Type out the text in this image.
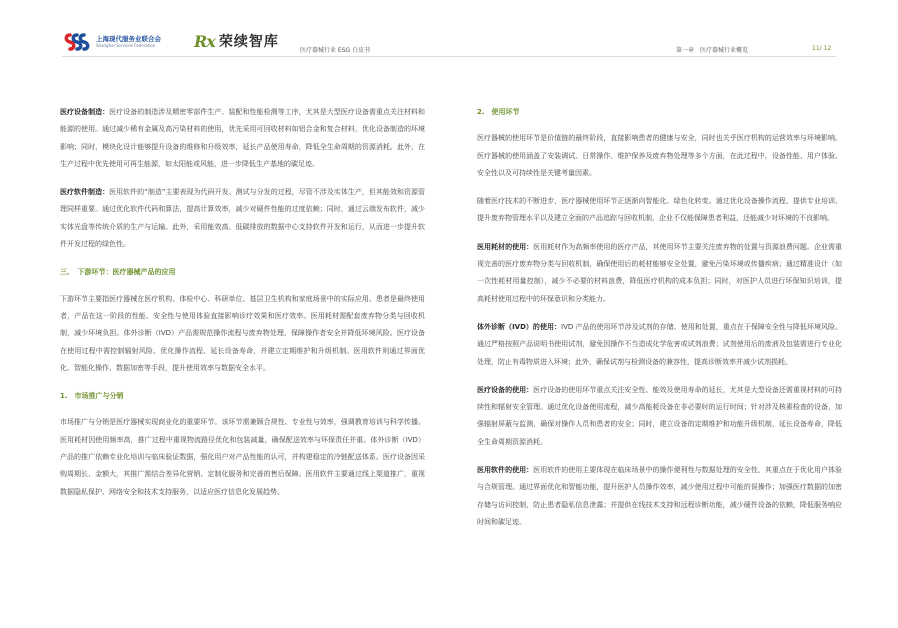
上海现代服务业联合会
Shanghai Services Federation	Rx 荣续智库
医疗器械行业 ESG 白皮书	第一章　医疗器械行业概览	11/ 12

医疗设备制造：医疗设备的制造涉及精密零部件生产、装配和性能检测等工序，尤其是大型医疗设备需重点关注材料和能源的使用。通过减少稀有金属及高污染材料的使用，优先采用可回收材料如铝合金和复合材料，优化设备制造的环境影响；同时，模块化设计能够提升设备的维修和升级效率，延长产品使用寿命，降低全生命周期的资源消耗。此外，在生产过程中优先使用可再生能源，如太阳能或风能，进一步降低生产基地的碳足迹。

医疗软件制造：医用软件的“制造”主要表现为代码开发、测试与分发的过程，尽管不涉及实体生产，但其能效和资源管理同样重要。通过优化软件代码和算法，提高计算效率，减少对硬件性能的过度依赖；同时，通过云端发布软件，减少实体光盘等传统介质的生产与运输。此外，采用能效高、低碳排放的数据中心支持软件开发和运行，从而进一步提升软件开发过程的绿色性。

三、　下游环节：医疗器械产品的应用

下游环节主要指医疗器械在医疗机构、体检中心、科研单位、基层卫生机构和家庭场景中的实际应用。患者是最终使用者，产品在这一阶段的性能、安全性与使用体验直接影响诊疗效果和医疗效率。医用耗材需配套废弃物分类与回收机制，减少环境负担。体外诊断（IVD）产品需规范操作流程与废弃物处理，保障操作者安全并降低环境风险。医疗设备在使用过程中需控制辐射风险、优化操作流程、延长设备寿命，并建立定期维护和升级机制。医用软件则通过界面优化、智能化操作、数据加密等手段，提升使用效率与数据安全水平。

1.　市场推广与分销

市场推广与分销是医疗器械实现商业化的重要环节。该环节需兼顾合规性、专业性与效率，强调教育培训与科学传播。医用耗材因使用频率高，推广过程中重视物流路径优化和包装减量，确保配送效率与环保责任并重。体外诊断（IVD）产品的推广依赖专业化培训与临床验证数据，强化用户对产品性能的认可，并构建稳定的冷链配送体系。医疗设备因采购周期长、金额大，其推广需结合差异化营销、定制化服务和完善的售后保障。医用软件主要通过线上渠道推广，重视数据隐私保护、网络安全和技术支持服务，以适应医疗信息化发展趋势。

2.　使用环节

医疗器械的使用环节是价值链的最终阶段，直接影响患者的健康与安全，同时也关乎医疗机构的运营效率与环境影响。医疗器械的使用涵盖了安装调试、日常操作、维护保养及废弃物处理等多个方面，在此过程中，设备性能、用户体验、安全性以及可持续性是关键考量因素。

随着医疗技术的不断进步，医疗器械使用环节正逐渐向智能化、绿色化转变。通过优化设备操作流程、提供专业培训、提升废弃物管理水平以及建立全面的产品追踪与回收机制，企业不仅能保障患者利益，还能减少对环境的不良影响。

医用耗材的使用：医用耗材作为高频率使用的医疗产品，其使用环节主要关注废弃物的处置与资源浪费问题。企业需重视完善的医疗废弃物分类与回收机制，确保使用后的耗材能够安全处置，避免污染环境或传播疾病；通过精准设计（如一次性耗材用量控制），减少不必要的材料浪费，降低医疗机构的成本负担；同时，对医护人员进行环保知识培训，提高耗材使用过程中的环保意识和分类能力。

体外诊断（IVD）的使用：IVD 产品的使用环节涉及试剂的存储、使用和处置，重点在于保障安全性与降低环境风险。通过严格按照产品说明书使用试剂，避免因操作不当造成化学危害或试剂浪费；试剂使用后的废液及包装需进行专业化处理，防止有毒物质进入环境；此外，确保试剂与检测设备的兼容性，提高诊断效率并减少试剂损耗。

医疗设备的使用：医疗设备的使用环节重点关注安全性、能效及使用寿命的延长，尤其是大型设备还需重视材料的可持续性和辐射安全管理。通过优化设备使用流程，减少高能耗设备在非必要时的运行时间；针对涉及核素检查的设备，加强辐射屏蔽与监测，确保对操作人员和患者的安全；同时，建立设备的定期维护和功能升级机制，延长设备寿命，降低全生命周期资源消耗。

医用软件的使用：医用软件的使用主要体现在临床场景中的操作便利性与数据处理的安全性，其重点在于优化用户体验与合规管理。通过界面优化和智能功能，提升医护人员操作效率，减少使用过程中可能的误操作；加强医疗数据的加密存储与访问控制，防止患者隐私信息泄露；并提供在线技术支持和远程诊断功能，减少硬件设备的依赖，降低服务响应时间和碳足迹。
